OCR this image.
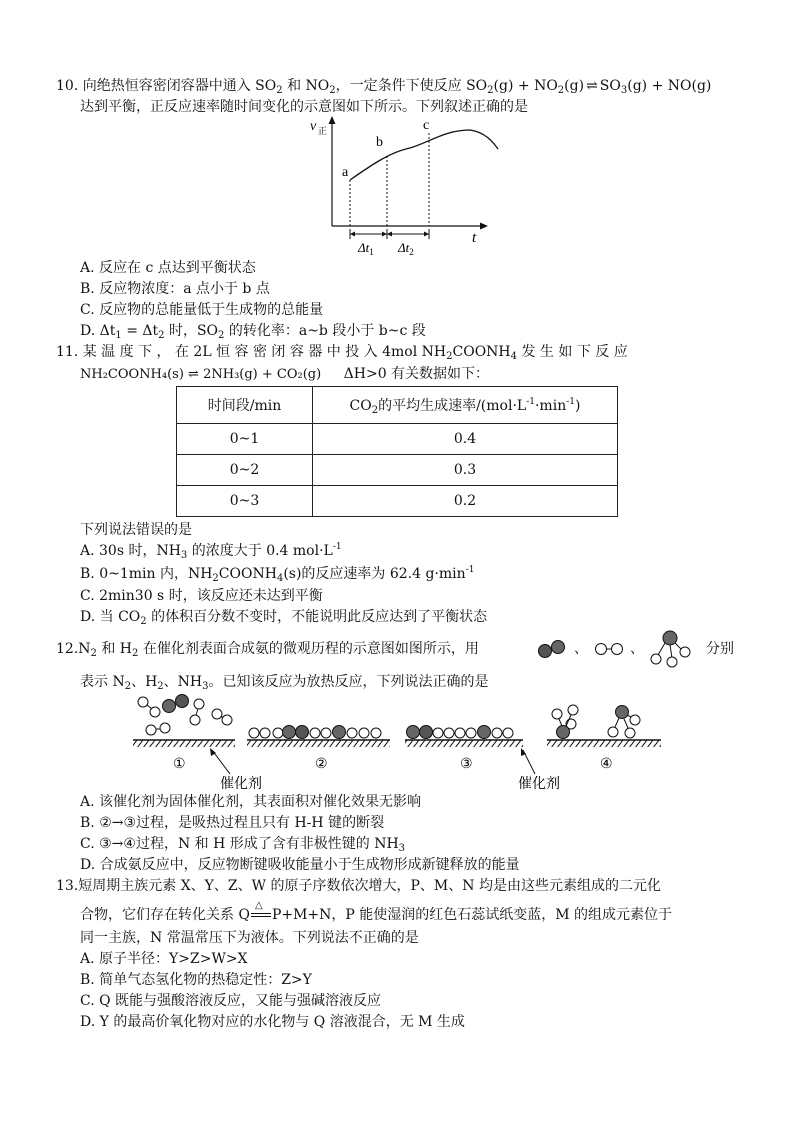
10. 向绝热恒容密闭容器中通入 $SO_2$ 和 $NO_2$，一定条件下使反应 $SO_2(g) + NO_2(g)$ ⇌ $SO_3(g) + NO(g)$
达到平衡，正反应速率随时间变化的示意图如下所示。下列叙述正确的是
v 正
t
a
b
c
$\Delta t_1$ $\Delta t_2$
A. 反应在 c 点达到平衡状态
B. 反应物浓度：a 点小于 b 点
C. 反应物的总能量低于生成物的总能量
D. $\Delta t_1 = \Delta t_2$ 时，$SO_2$ 的转化率：a~b 段小于 b~c 段
11. 某 温 度 下 ， 在 2L 恒 容 密 闭 容 器 中 投 入 4mol $NH_2COONH_4$ 发 生 如 下 反 应
NH₂COONH₄(s) ⇌ 2NH₃(g) + CO₂(g) ΔH>0 有关数据如下：
时间段/min	$CO_2$的平均生成速率$/(mol\cdot L^{-1}\cdot\min^{-1})$
0~1	0.4
0~2	0.3
0~3	0.2
下列说法错误的是
A. 30s 时，$NH_3$ 的浓度大于 0.4 $mol\cdot L^{-1}$
B. 0~1min 内，$NH_2COONH_4(s)$的反应速率为 62.4 $g\cdot\min^{-1}$
C. 2min30 s 时，该反应还未达到平衡
D. 当 $CO_2$ 的体积百分数不变时，不能说明此反应达到了平衡状态
$12.N_2$ 和 $H_2$ 在催化剂表面合成氨的微观历程的示意图如图所示，用	、	、	分别
表示 $N_2$、$H_2$、$NH_3$。已知该反应为放热反应，下列说法正确的是
①	②	③	④
催化剂	催化剂
A. 该催化剂为固体催化剂，其表面积对催化效果无影响
B. ②→③过程，是吸热过程且只有 H-H 键的断裂
C. ③→④过程，N 和 H 形成了含有非极性键的 $NH_3$
D. 合成氨反应中，反应物断键吸收能量小于生成物形成新键释放的能量
13.短周期主族元素 X、Y、Z、W 的原子序数依次增大，P、M、N 均是由这些元素组成的二元化
合物，它们存在转化关系 Q
△
P+M+N，P 能使湿润的红色石蕊试纸变蓝，M 的组成元素位于
同一主族，N 常温常压下为液体。下列说法不正确的是
A. 原子半径：Y>Z>W>X
B. 简单气态氢化物的热稳定性：Z>Y
C. Q 既能与强酸溶液反应，又能与强碱溶液反应
D. Y 的最高价氧化物对应的水化物与 Q 溶液混合，无 M 生成
